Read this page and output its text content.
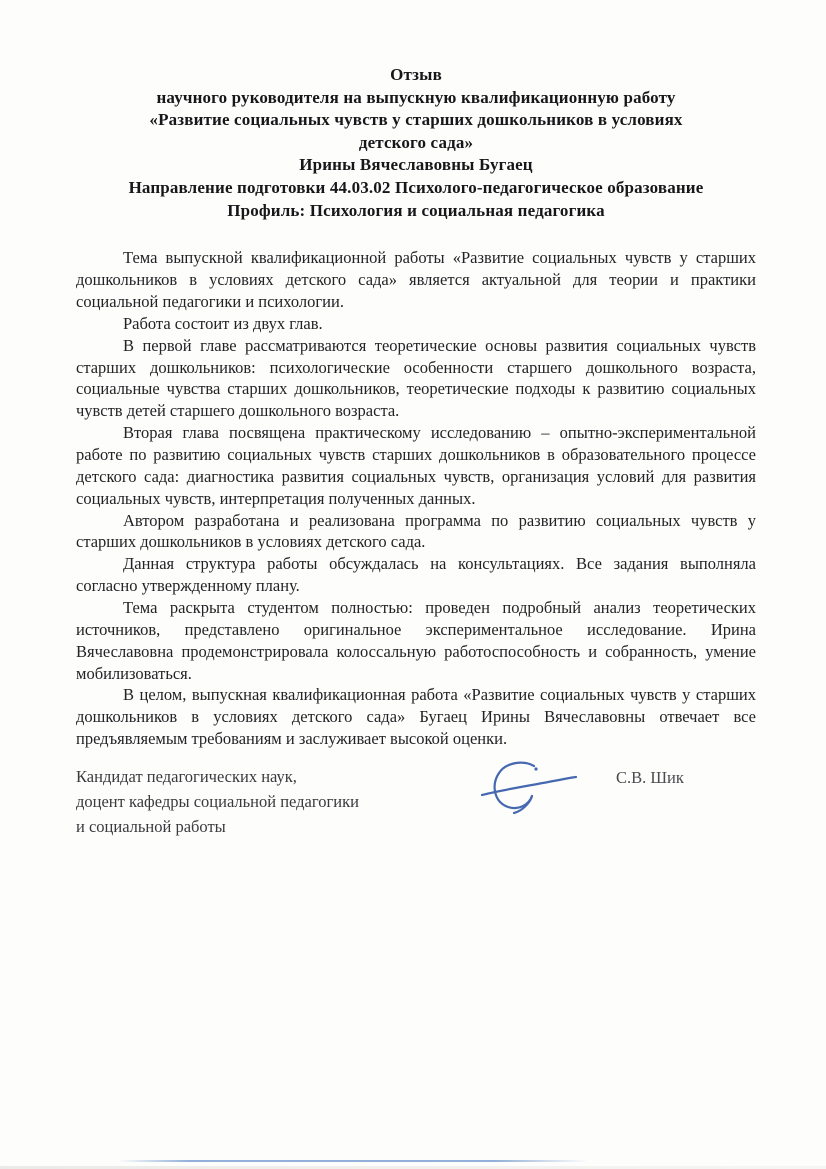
Отзыв
научного руководителя на выпускную квалификационную работу
«Развитие социальных чувств у старших дошкольников в условиях
детского сада»
Ирины Вячеславовны Бугаец
Направление подготовки 44.03.02 Психолого-педагогическое образование
Профиль: Психология и социальная педагогика

Тема выпускной квалификационной работы «Развитие социальных чувств у старших дошкольников в условиях детского сада» является актуальной для теории и практики социальной педагогики и психологии.

Работа состоит из двух глав.

В первой главе рассматриваются теоретические основы развития социальных чувств старших дошкольников: психологические особенности старшего дошкольного возраста, социальные чувства старших дошкольников, теоретические подходы к развитию социальных чувств детей старшего дошкольного возраста.

Вторая глава посвящена практическому исследованию – опытно-экспериментальной работе по развитию социальных чувств старших дошкольников в образовательного процессе детского сада: диагностика развития социальных чувств, организация условий для развития социальных чувств, интерпретация полученных данных.

Автором разработана и реализована программа по развитию социальных чувств у старших дошкольников в условиях детского сада.

Данная структура работы обсуждалась на консультациях. Все задания выполняла согласно утвержденному плану.

Тема раскрыта студентом полностью: проведен подробный анализ теоретических источников, представлено оригинальное экспериментальное исследование. Ирина Вячеславовна продемонстрировала колоссальную работоспособность и собранность, умение мобилизоваться.

В целом, выпускная квалификационная работа «Развитие социальных чувств у старших дошкольников в условиях детского сада» Бугаец Ирины Вячеславовны отвечает все предъявляемым требованиям и заслуживает высокой оценки.

Кандидат педагогических наук,
доцент кафедры социальной педагогики
и социальной работы
С.В. Шик
